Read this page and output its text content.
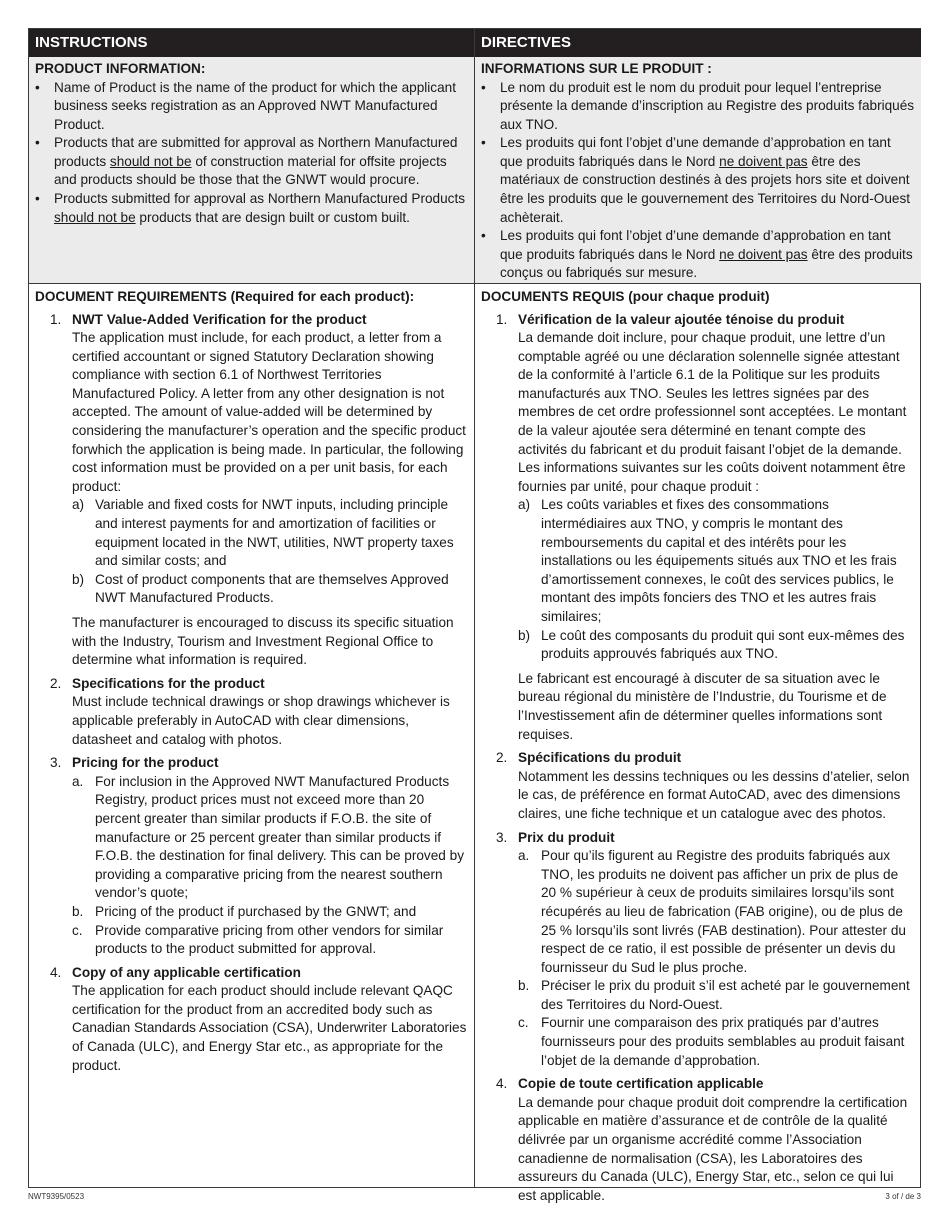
INSTRUCTIONS
PRODUCT INFORMATION:
• Name of Product is the name of the product for which the applicant business seeks registration as an Approved NWT Manufactured Product.
• Products that are submitted for approval as Northern Manufactured products should not be of construction material for offsite projects and products should be those that the GNWT would procure.
• Products submitted for approval as Northern Manufactured Products should not be products that are design built or custom built.
DOCUMENT REQUIREMENTS (Required for each product):
1. NWT Value-Added Verification for the product

The application must include, for each product, a letter from a certified accountant or signed Statutory Declaration showing compliance with section 6.1 of Northwest Territories Manufactured Policy. A letter from any other designation is not accepted. The amount of value-added will be determined by considering the manufacturer’s operation and the specific product forwhich the application is being made. In particular, the following cost information must be provided on a per unit basis, for each product:

a) Variable and fixed costs for NWT inputs, including principle and interest payments for and amortization of facilities or equipment located in the NWT, utilities, NWT property taxes and similar costs; and
b) Cost of product components that are themselves Approved NWT Manufactured Products.

The manufacturer is encouraged to discuss its specific situation with the Industry, Tourism and Investment Regional Office to determine what information is required.

2. Specifications for the product

Must include technical drawings or shop drawings whichever is applicable preferably in AutoCAD with clear dimensions, datasheet and catalog with photos.

3. Pricing for the product
a. For inclusion in the Approved NWT Manufactured Products Registry, product prices must not exceed more than 20 percent greater than similar products if F.O.B. the site of manufacture or 25 percent greater than similar products if F.O.B. the destination for final delivery. This can be proved by providing a comparative pricing from the nearest southern vendor’s quote;
b. Pricing of the product if purchased by the GNWT; and
c. Provide comparative pricing from other vendors for similar products to the product submitted for approval.
4. Copy of any applicable certification

The application for each product should include relevant QAQC certification for the product from an accredited body such as Canadian Standards Association (CSA), Underwriter Laboratories of Canada (ULC), and Energy Star etc., as appropriate for the product.

DIRECTIVES
INFORMATIONS SUR LE PRODUIT :
• Le nom du produit est le nom du produit pour lequel l’entreprise présente la demande d’inscription au Registre des produits fabriqués aux TNO.
• Les produits qui font l’objet d’une demande d’approbation en tant que produits fabriqués dans le Nord ne doivent pas être des matériaux de construction destinés à des projets hors site et doivent être les produits que le gouvernement des Territoires du Nord-Ouest achèterait.
• Les produits qui font l’objet d’une demande d’approbation en tant que produits fabriqués dans le Nord ne doivent pas être des produits conçus ou fabriqués sur mesure.
DOCUMENTS REQUIS (pour chaque produit)
1. Vérification de la valeur ajoutée ténoise du produit

La demande doit inclure, pour chaque produit, une lettre d’un comptable agréé ou une déclaration solennelle signée attestant de la conformité à l’article 6.1 de la Politique sur les produits manufacturés aux TNO. Seules les lettres signées par des membres de cet ordre professionnel sont acceptées. Le montant de la valeur ajoutée sera déterminé en tenant compte des activités du fabricant et du produit faisant l’objet de la demande. Les informations suivantes sur les coûts doivent notamment être fournies par unité, pour chaque produit :

a) Les coûts variables et fixes des consommations intermédiaires aux TNO, y compris le montant des remboursements du capital et des intérêts pour les installations ou les équipements situés aux TNO et les frais d’amortissement connexes, le coût des services publics, le montant des impôts fonciers des TNO et les autres frais similaires;
b) Le coût des composants du produit qui sont eux-mêmes des produits approuvés fabriqués aux TNO.

Le fabricant est encouragé à discuter de sa situation avec le bureau régional du ministère de l’Industrie, du Tourisme et de l’Investissement afin de déterminer quelles informations sont requises.

2. Spécifications du produit

Notamment les dessins techniques ou les dessins d’atelier, selon le cas, de préférence en format AutoCAD, avec des dimensions claires, une fiche technique et un catalogue avec des photos.

3. Prix du produit
a. Pour qu’ils figurent au Registre des produits fabriqués aux TNO, les produits ne doivent pas afficher un prix de plus de 20 % supérieur à ceux de produits similaires lorsqu’ils sont récupérés au lieu de fabrication (FAB origine), ou de plus de 25 % lorsqu’ils sont livrés (FAB destination). Pour attester du respect de ce ratio, il est possible de présenter un devis du fournisseur du Sud le plus proche.
b. Préciser le prix du produit s’il est acheté par le gouvernement des Territoires du Nord-Ouest.
c. Fournir une comparaison des prix pratiqués par d’autres fournisseurs pour des produits semblables au produit faisant l’objet de la demande d’approbation.
4. Copie de toute certification applicable

La demande pour chaque produit doit comprendre la certification applicable en matière d’assurance et de contrôle de la qualité délivrée par un organisme accrédité comme l’Association canadienne de normalisation (CSA), les Laboratoires des assureurs du Canada (ULC), Energy Star, etc., selon ce qui lui est applicable.

NWT9395/0523	3 of / de 3
